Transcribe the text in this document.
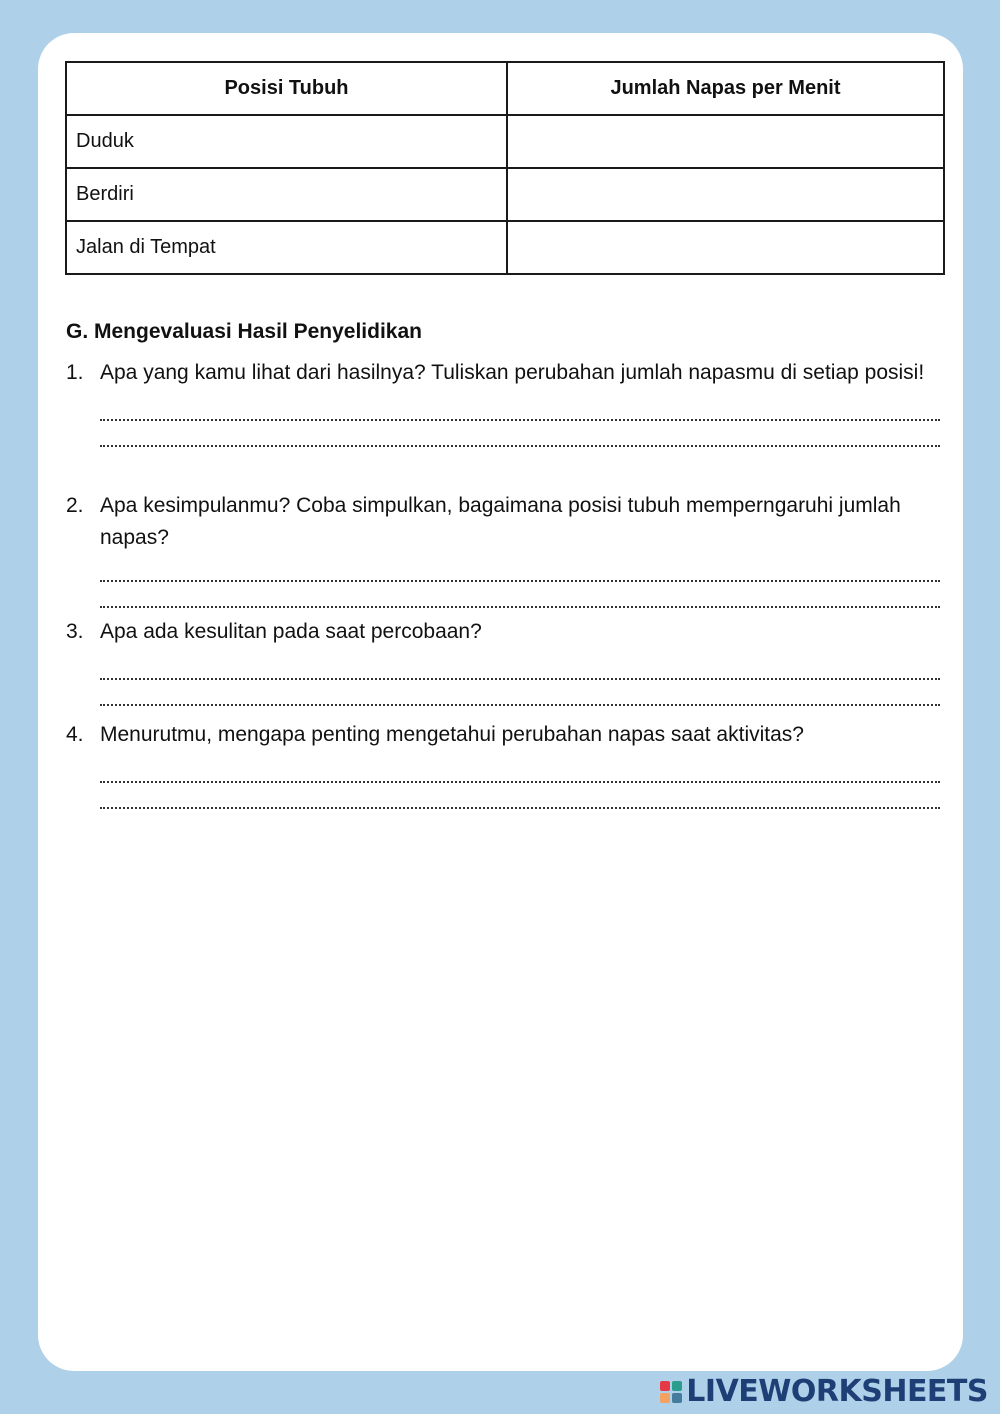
Posisi Tubuh	Jumlah Napas per Menit
Duduk	
Berdiri	
Jalan di Tempat	
G. Mengevaluasi Hasil Penyelidikan
1. Apa yang kamu lihat dari hasilnya? Tuliskan perubahan jumlah napasmu di setiap posisi!
2. Apa kesimpulanmu? Coba simpulkan, bagaimana posisi tubuh memperngaruhi jumlah napas?
3. Apa ada kesulitan pada saat percobaan?
4. Menurutmu, mengapa penting mengetahui perubahan napas saat aktivitas?
LIVEWORKSHEETS
